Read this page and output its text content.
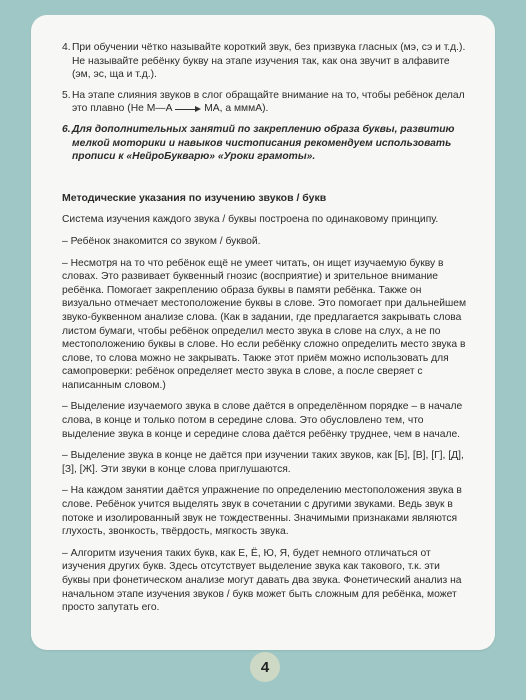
4. При обучении чётко называйте короткий звук, без призвука гласных (мэ, сэ и т.д.). Не называйте ребёнку букву на этапе изучения так, как она звучит в алфавите (эм, эс, ща и т.д.).
5. На этапе слияния звуков в слог обращайте внимание на то, чтобы ребёнок делал это плавно (Не М—А	МА, а мммА).
6. Для дополнительных занятий по закреплению образа буквы, развитию мелкой моторики и навыков чистописания рекомендуем использовать прописи к «НейроБукварю» «Уроки грамоты».
Методические указания по изучению звуков / букв
Система изучения каждого звука / буквы построена по одинаковому принципу.
– Ребёнок знакомится со звуком / буквой.
– Несмотря на то что ребёнок ещё не умеет читать, он ищет изучаемую букву в словах. Это развивает буквенный гнозис (восприятие) и зрительное внимание ребёнка. Помогает закреплению образа буквы в памяти ребёнка. Также он визуально отмечает местоположение буквы в слове. Это помогает при дальнейшем звуко-буквенном анализе слова. (Как в задании, где предлагается закрывать слова листом бумаги, чтобы ребёнок определил место звука в слове на слух, а не по местоположению буквы в слове. Но если ребёнку сложно определить место звука в слове, то слова можно не закрывать. Также этот приём можно использовать для самопроверки: ребёнок определяет место звука в слове, а после сверяет с написанным словом.)
– Выделение изучаемого звука в слове даётся в определённом порядке – в начале слова, в конце и только потом в середине слова. Это обусловлено тем, что выделение звука в конце и середине слова даётся ребёнку труднее, чем в начале.
– Выделение звука в конце не даётся при изучении таких звуков, как [Б], [В], [Г], [Д], [З], [Ж]. Эти звуки в конце слова приглушаются.
– На каждом занятии даётся упражнение по определению местоположения звука в слове. Ребёнок учится выделять звук в сочетании с другими звуками. Ведь звук в потоке и изолированный звук не тождественны. Значимыми признаками являются глухость, звонкость, твёрдость, мягкость звука.
– Алгоритм изучения таких букв, как Е, Ё, Ю, Я, будет немного отличаться от изучения других букв. Здесь отсутствует выделение звука как такового, т.к. эти буквы при фонетическом анализе могут давать два звука. Фонетический анализ на начальном этапе изучения звуков / букв может быть сложным для ребёнка, может просто запутать его.
4
